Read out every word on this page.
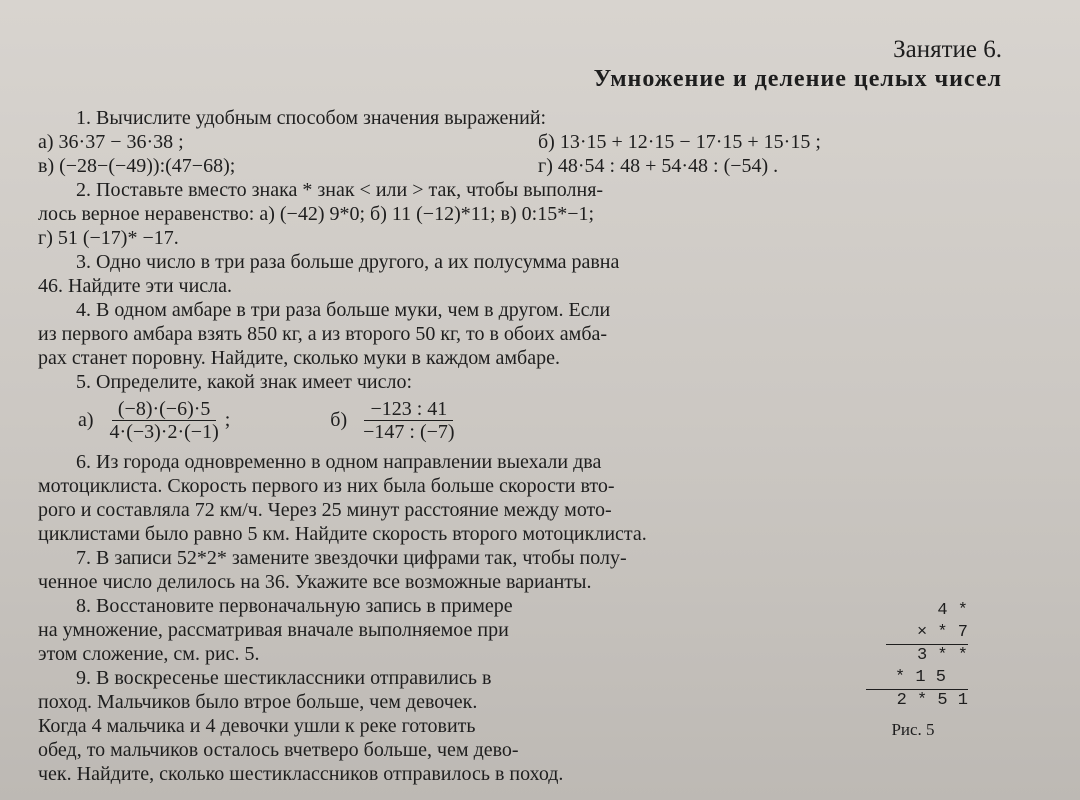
Занятие 6.
Умножение и деление целых чисел
1. Вычислите удобным способом значения выражений:
а) 36·37 − 36·38 ;	б) 13·15 + 12·15 − 17·15 + 15·15 ;
в) (−28−(−49)):(47−68);	г) 48·54 : 48 + 54·48 : (−54) .
2. Поставьте вместо знака * знак < или > так, чтобы выполня-
лось верное неравенство: а) (−42) 9*0; б) 11 (−12)*11; в) 0:15*−1;
г) 51 (−17)* −17.
3. Одно число в три раза больше другого, а их полусумма равна
46. Найдите эти числа.
4. В одном амбаре в три раза больше муки, чем в другом. Если
из первого амбара взять 850 кг, а из второго 50 кг, то в обоих амба-
рах станет поровну. Найдите, сколько муки в каждом амбаре.
5. Определите, какой знак имеет число:
$а) \frac{(-8)\cdot(-6)\cdot 5}{4\cdot(-3)\cdot 2\cdot(-1)}$ ;	$б) \frac{-123 : 41}{-147 : (-7)}$
6. Из города одновременно в одном направлении выехали два
мотоциклиста. Скорость первого из них была больше скорости вто-
рого и составляла 72 км/ч. Через 25 минут расстояние между мото-
циклистами было равно 5 км. Найдите скорость второго мотоциклиста.
7. В записи 52*2* замените звездочки цифрами так, чтобы полу-
ченное число делилось на 36. Укажите все возможные варианты.
8. Восстановите первоначальную запись в примере
на умножение, рассматривая вначале выполняемое при
этом сложение, см. рис. 5.
9. В воскресенье шестиклассники отправились в
поход. Мальчиков было втрое больше, чем девочек.
Когда 4 мальчика и 4 девочки ушли к реке готовить
обед, то мальчиков осталось вчетверо больше, чем дево-
чек. Найдите, сколько шестиклассников отправилось в поход.
4 *
× * 7
3 * *
* 1 5
2 * 5 1
Рис. 5
